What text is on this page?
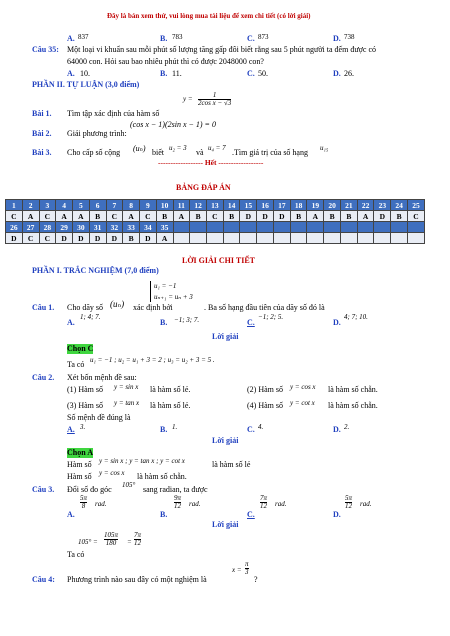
Đây là bản xem thử, vui lòng mua tài liệu để xem chi tiết (có lời giải)
A. 837	B. 783	C. 873	D. 738
Câu 35: Một loại vi khuẩn sau mỗi phút số lượng tăng gấp đôi biết rằng sau 5 phút người ta đếm được có
64000 con. Hỏi sau bao nhiêu phút thì có được 2048000 con?
A. 10.	B. 11.	C. 50.	D. 26.
PHẦN II. TỰ LUẬN (3,0 điểm)
$y = \frac{1}{\text{2cos x − √3}}$
Bài 1. Tìm tập xác định của hàm số
(cos x − 1)(2sin x − 1) = 0
Bài 2. Giải phương trình:
Bài 3. Cho cấp số cộng (uₙ) biết u₂ = 3 và u₄ = 7 .Tìm giá trị của số hạng u₁₅
------------------ Hết ------------------
BẢNG ĐÁP ÁN
1	2	3	4	5	6	7	8	9	10	11	12	13	14	15	16	17	18	19	20	21	22	23	24	25
C	A	C	A	A	B	C	A	C	B	A	B	C	B	D	D	D	B	A	B	B	A	D	B	C
26	27	28	29	30	31	32	33	34	35															
D	C	C	D	D	D	D	B	D	A															
LỜI GIẢI CHI TIẾT
PHẦN I. TRẮC NGHIỆM (7,0 điểm)
u₁ = −1
uₙ₊₁ = uₙ + 3
Câu 1. Cho dãy số (uₙ) xác định bởi	. Ba số hạng đầu tiên của dãy số đó là
A.
1; 4; 7.
B. −1; 3; 7.	C.
−1; 2; 5.
D.
4; 7; 10.
Lời giải
Chọn C
Ta có u₁ = −1 ; u₂ = u₁ + 3 = 2 ; u₃ = u₂ + 3 = 5 .
Câu 2. Xét bốn mệnh đề sau:
(1) Hàm số y = sin x là hàm số lẻ.	(2) Hàm số y = cos x là hàm số chẵn.
(3) Hàm số y = tan x là hàm số lẻ.	(4) Hàm số y = cot x là hàm số chẵn.
Số mệnh đề đúng là
A. 3.	B. 1.	C. 4.	D. 2.
Lời giải
Chọn A
Hàm số y = sin x ; y = tan x ; y = cot x	là hàm số lẻ
Hàm số y = cos x là hàm số chẵn.
Câu 3. Đổi số đo góc 105° sang radian, ta được
A.
$\frac{5\pi}{8}$ rad.
B.
$\frac{9\pi}{12}$ rad.
C.
$\frac{7\pi}{12}$ rad.
D.
$\frac{5\pi}{12}$ rad.
Lời giải
$105^\circ = \frac{105\pi}{180} = \frac{7\pi}{12}$
Ta có
Câu 4: Phương trình nào sau đây có một nghiệm là
$x = \frac{\pi}{3}$
?
